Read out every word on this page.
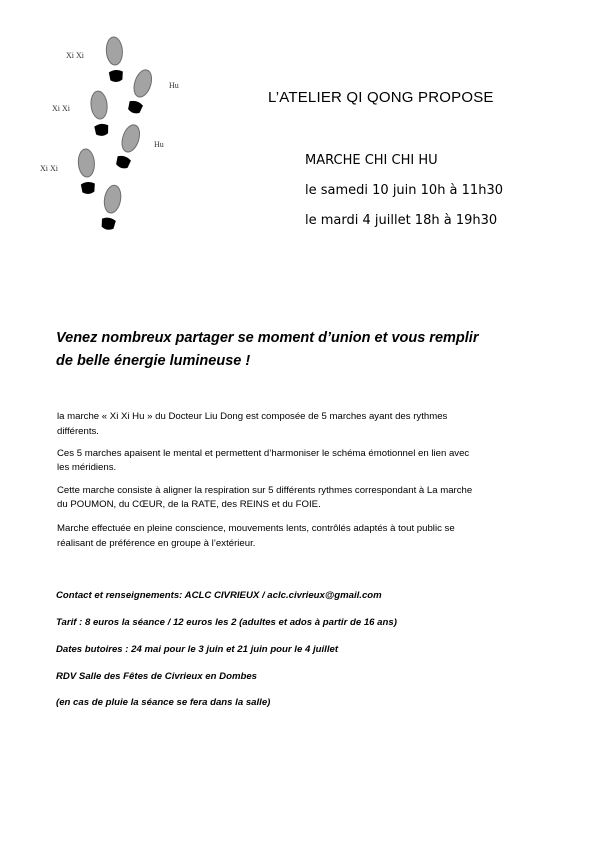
Xi Xi
Hu
Xi Xi
Hu
Xi Xi
L’ATELIER QI QONG PROPOSE
MARCHE CHI CHI HU
le samedi 10 juin 10h à 11h30
le mardi 4 juillet 18h à 19h30
Venez nombreux partager se moment d’union et vous remplir
de belle énergie lumineuse !
la marche « Xi Xi Hu » du Docteur Liu Dong est composée de 5 marches ayant des rythmes
différents.
Ces 5 marches apaisent le mental et permettent d’harmoniser le schéma émotionnel en lien avec
les méridiens.
Cette marche consiste à aligner la respiration sur 5 différents rythmes correspondant à La marche
du POUMON, du CŒUR, de la RATE, des REINS et du FOIE.
Marche effectuée en pleine conscience, mouvements lents, contrôlés adaptés à tout public se
réalisant de préférence en groupe à l’extérieur.
Contact et renseignements: ACLC CIVRIEUX / aclc.civrieux@gmail.com
Tarif : 8 euros la séance / 12 euros les 2 (adultes et ados à partir de 16 ans)
Dates butoires : 24 mai pour le 3 juin et 21 juin pour le 4 juillet
RDV Salle des Fêtes de Civrieux en Dombes
(en cas de pluie la séance se fera dans la salle)
